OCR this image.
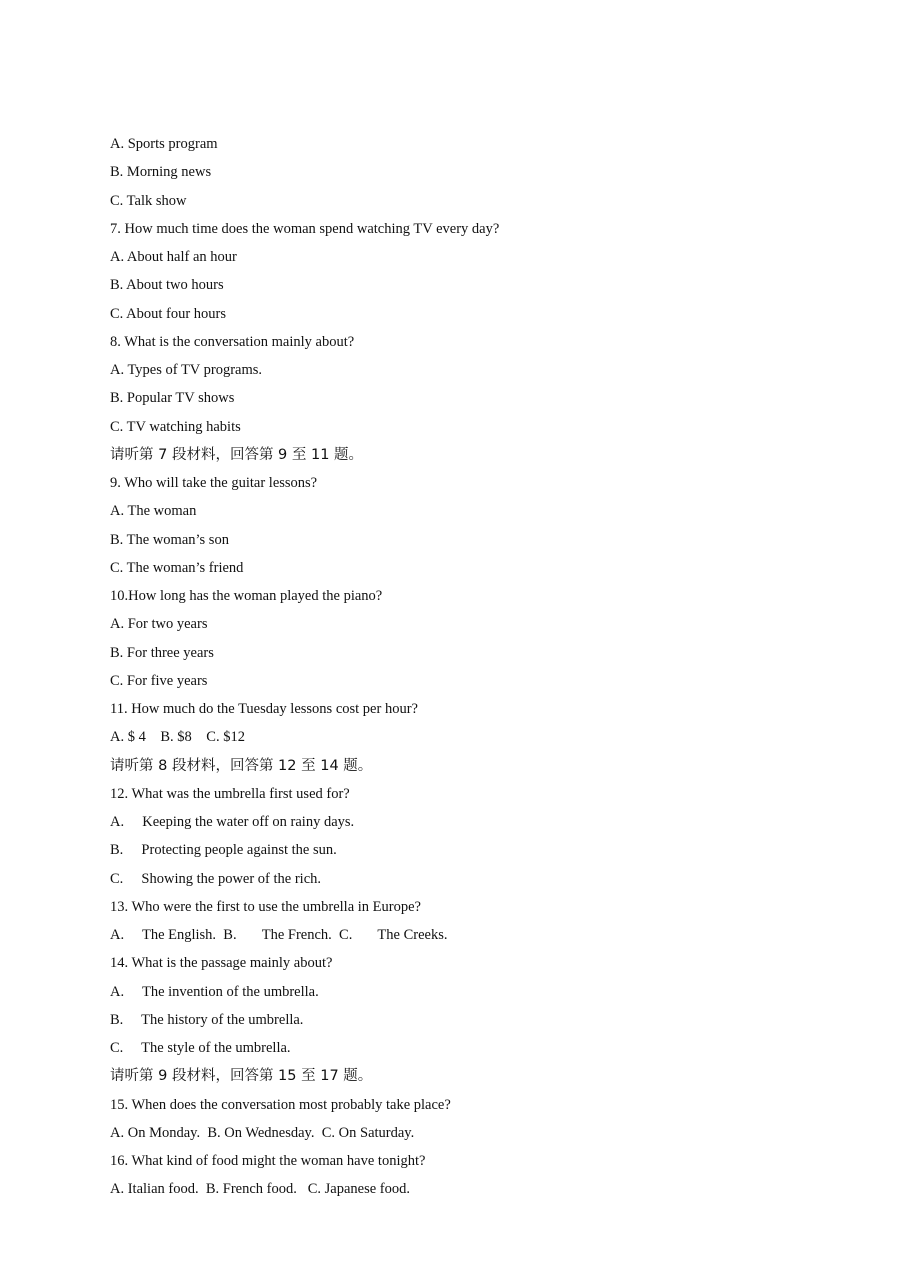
A. Sports program
B. Morning news
C. Talk show
7. How much time does the woman spend watching TV every day?
A. About half an hour
B. About two hours
C. About four hours
8. What is the conversation mainly about?
A. Types of TV programs.
B. Popular TV shows
C. TV watching habits
请听第 7 段材料，回答第 9 至 11 题。
9. Who will take the guitar lessons?
A. The woman
B. The woman’s son
C. The woman’s friend
10.How long has the woman played the piano?
A. For two years
B. For three years
C. For five years
11. How much do the Tuesday lessons cost per hour?
A. $ 4    B. $8    C. $12
请听第 8 段材料，回答第 12 至 14 题。
12. What was the umbrella first used for?
A.     Keeping the water off on rainy days.
B.     Protecting people against the sun.
C.     Showing the power of the rich.
13. Who were the first to use the umbrella in Europe?
A.     The English.  B.       The French.  C.       The Creeks.
14. What is the passage mainly about?
A.     The invention of the umbrella.
B.     The history of the umbrella.
C.     The style of the umbrella.
请听第 9 段材料，回答第 15 至 17 题。
15. When does the conversation most probably take place?
A. On Monday.  B. On Wednesday.  C. On Saturday.
16. What kind of food might the woman have tonight?
A. Italian food.  B. French food.   C. Japanese food.
